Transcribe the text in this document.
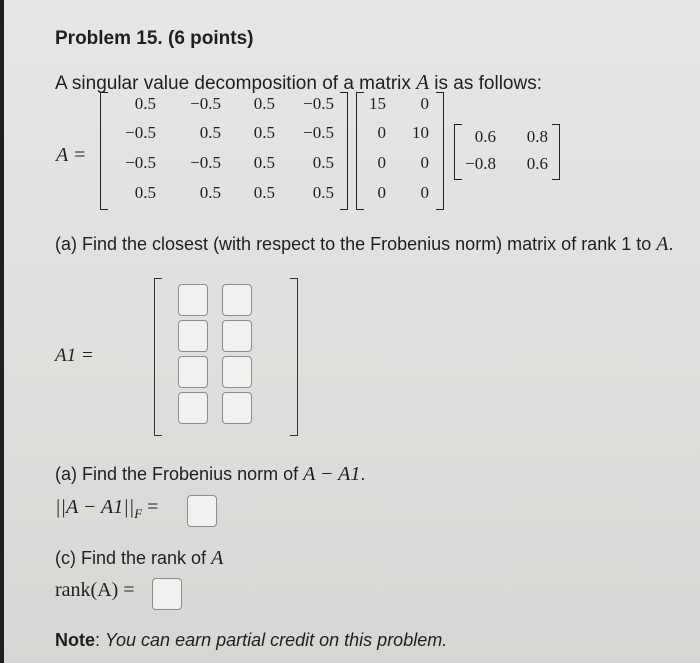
Problem 15. (6 points)
A singular value decomposition of a matrix A is as follows:
A =
0.5	−0.5	0.5	−0.5
−0.5	0.5	0.5	−0.5
−0.5	−0.5	0.5	0.5
0.5	0.5	0.5	0.5
15	0
0	10
0	0
0	0
0.6	0.8
−0.8	0.6
(a) Find the closest (with respect to the Frobenius norm) matrix of rank 1 to A.
A1 =
(a) Find the Frobenius norm of A − A1.
$||A - A1||_F$ =
(c) Find the rank of A
rank(A) =
Note: You can earn partial credit on this problem.
